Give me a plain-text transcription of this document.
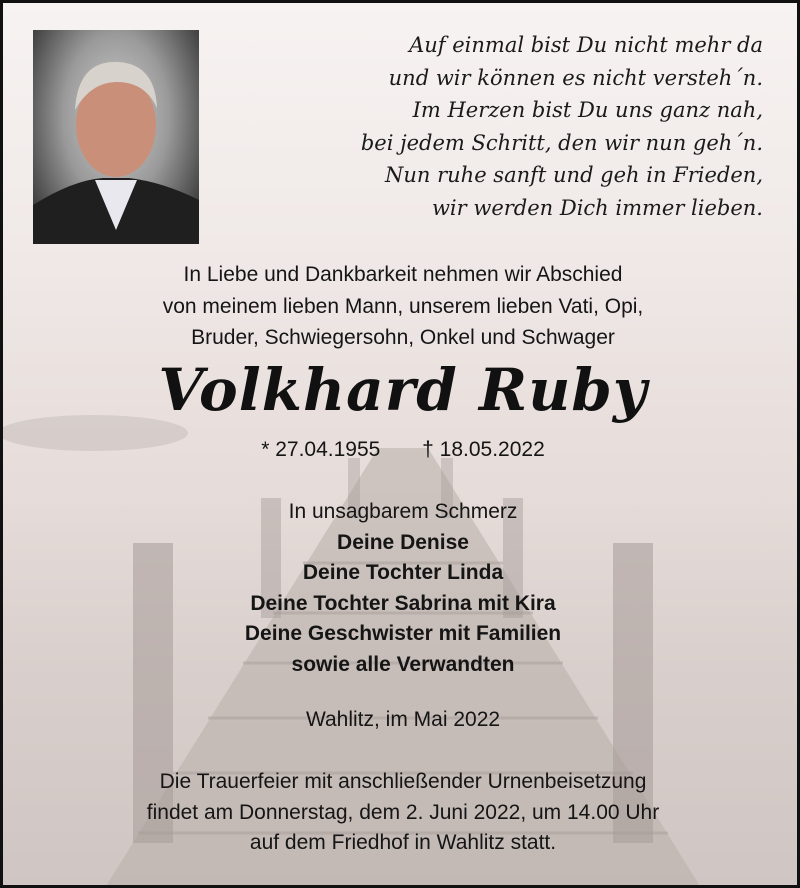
Auf einmal bist Du nicht mehr da
und wir können es nicht versteh´n.
Im Herzen bist Du uns ganz nah,
bei jedem Schritt, den wir nun geh´n.
Nun ruhe sanft und geh in Frieden,
wir werden Dich immer lieben.
In Liebe und Dankbarkeit nehmen wir Abschied
von meinem lieben Mann, unserem lieben Vati, Opi,
Bruder, Schwiegersohn, Onkel und Schwager
Volkhard Ruby
* 27.04.1955 † 18.05.2022
In unsagbarem Schmerz
Deine Denise
Deine Tochter Linda
Deine Tochter Sabrina mit Kira
Deine Geschwister mit Familien
sowie alle Verwandten
Wahlitz, im Mai 2022
Die Trauerfeier mit anschließender Urnenbeisetzung
findet am Donnerstag, dem 2. Juni 2022, um 14.00 Uhr
auf dem Friedhof in Wahlitz statt.
